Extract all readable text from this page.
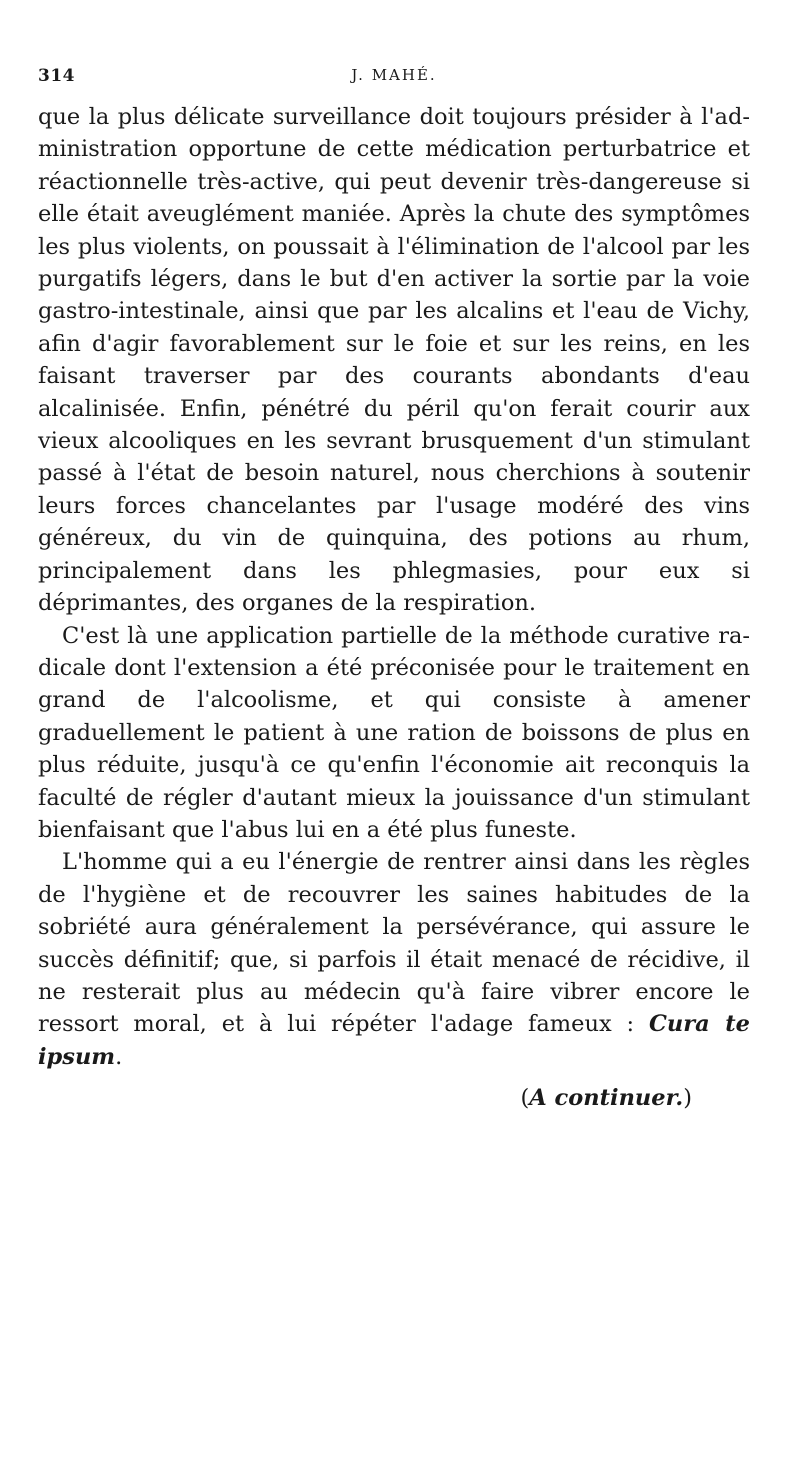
314	J. MAHÉ.

que la plus délicate surveillance doit toujours présider à l'administration opportune de cette médication perturbatrice et réactionnelle très-active, qui peut devenir très-dangereuse si elle était aveuglément maniée. Après la chute des symptômes les plus violents, on poussait à l'élimination de l'alcool par les purgatifs légers, dans le but d'en activer la sortie par la voie gastro-intestinale, ainsi que par les alcalins et l'eau de Vichy, afin d'agir favorablement sur le foie et sur les reins, en les faisant traverser par des courants abondants d'eau alcalinisée. Enfin, pénétré du péril qu'on ferait courir aux vieux alcooliques en les sevrant brusquement d'un stimulant passé à l'état de besoin naturel, nous cherchions à soutenir leurs forces chancelantes par l'usage modéré des vins généreux, du vin de quinquina, des potions au rhum, principalement dans les phlegmasies, pour eux si déprimantes, des organes de la respiration.

C'est là une application partielle de la méthode curative radicale dont l'extension a été préconisée pour le traitement en grand de l'alcoolisme, et qui consiste à amener graduellement le patient à une ration de boissons de plus en plus réduite, jusqu'à ce qu'enfin l'économie ait reconquis la faculté de régler d'autant mieux la jouissance d'un stimulant bienfaisant que l'abus lui en a été plus funeste.

L'homme qui a eu l'énergie de rentrer ainsi dans les règles de l'hygiène et de recouvrer les saines habitudes de la sobriété aura généralement la persévérance, qui assure le succès définitif; que, si parfois il était menacé de récidive, il ne resterait plus au médecin qu'à faire vibrer encore le ressort moral, et à lui répéter l'adage fameux : Cura te ipsum.

(A continuer.)
